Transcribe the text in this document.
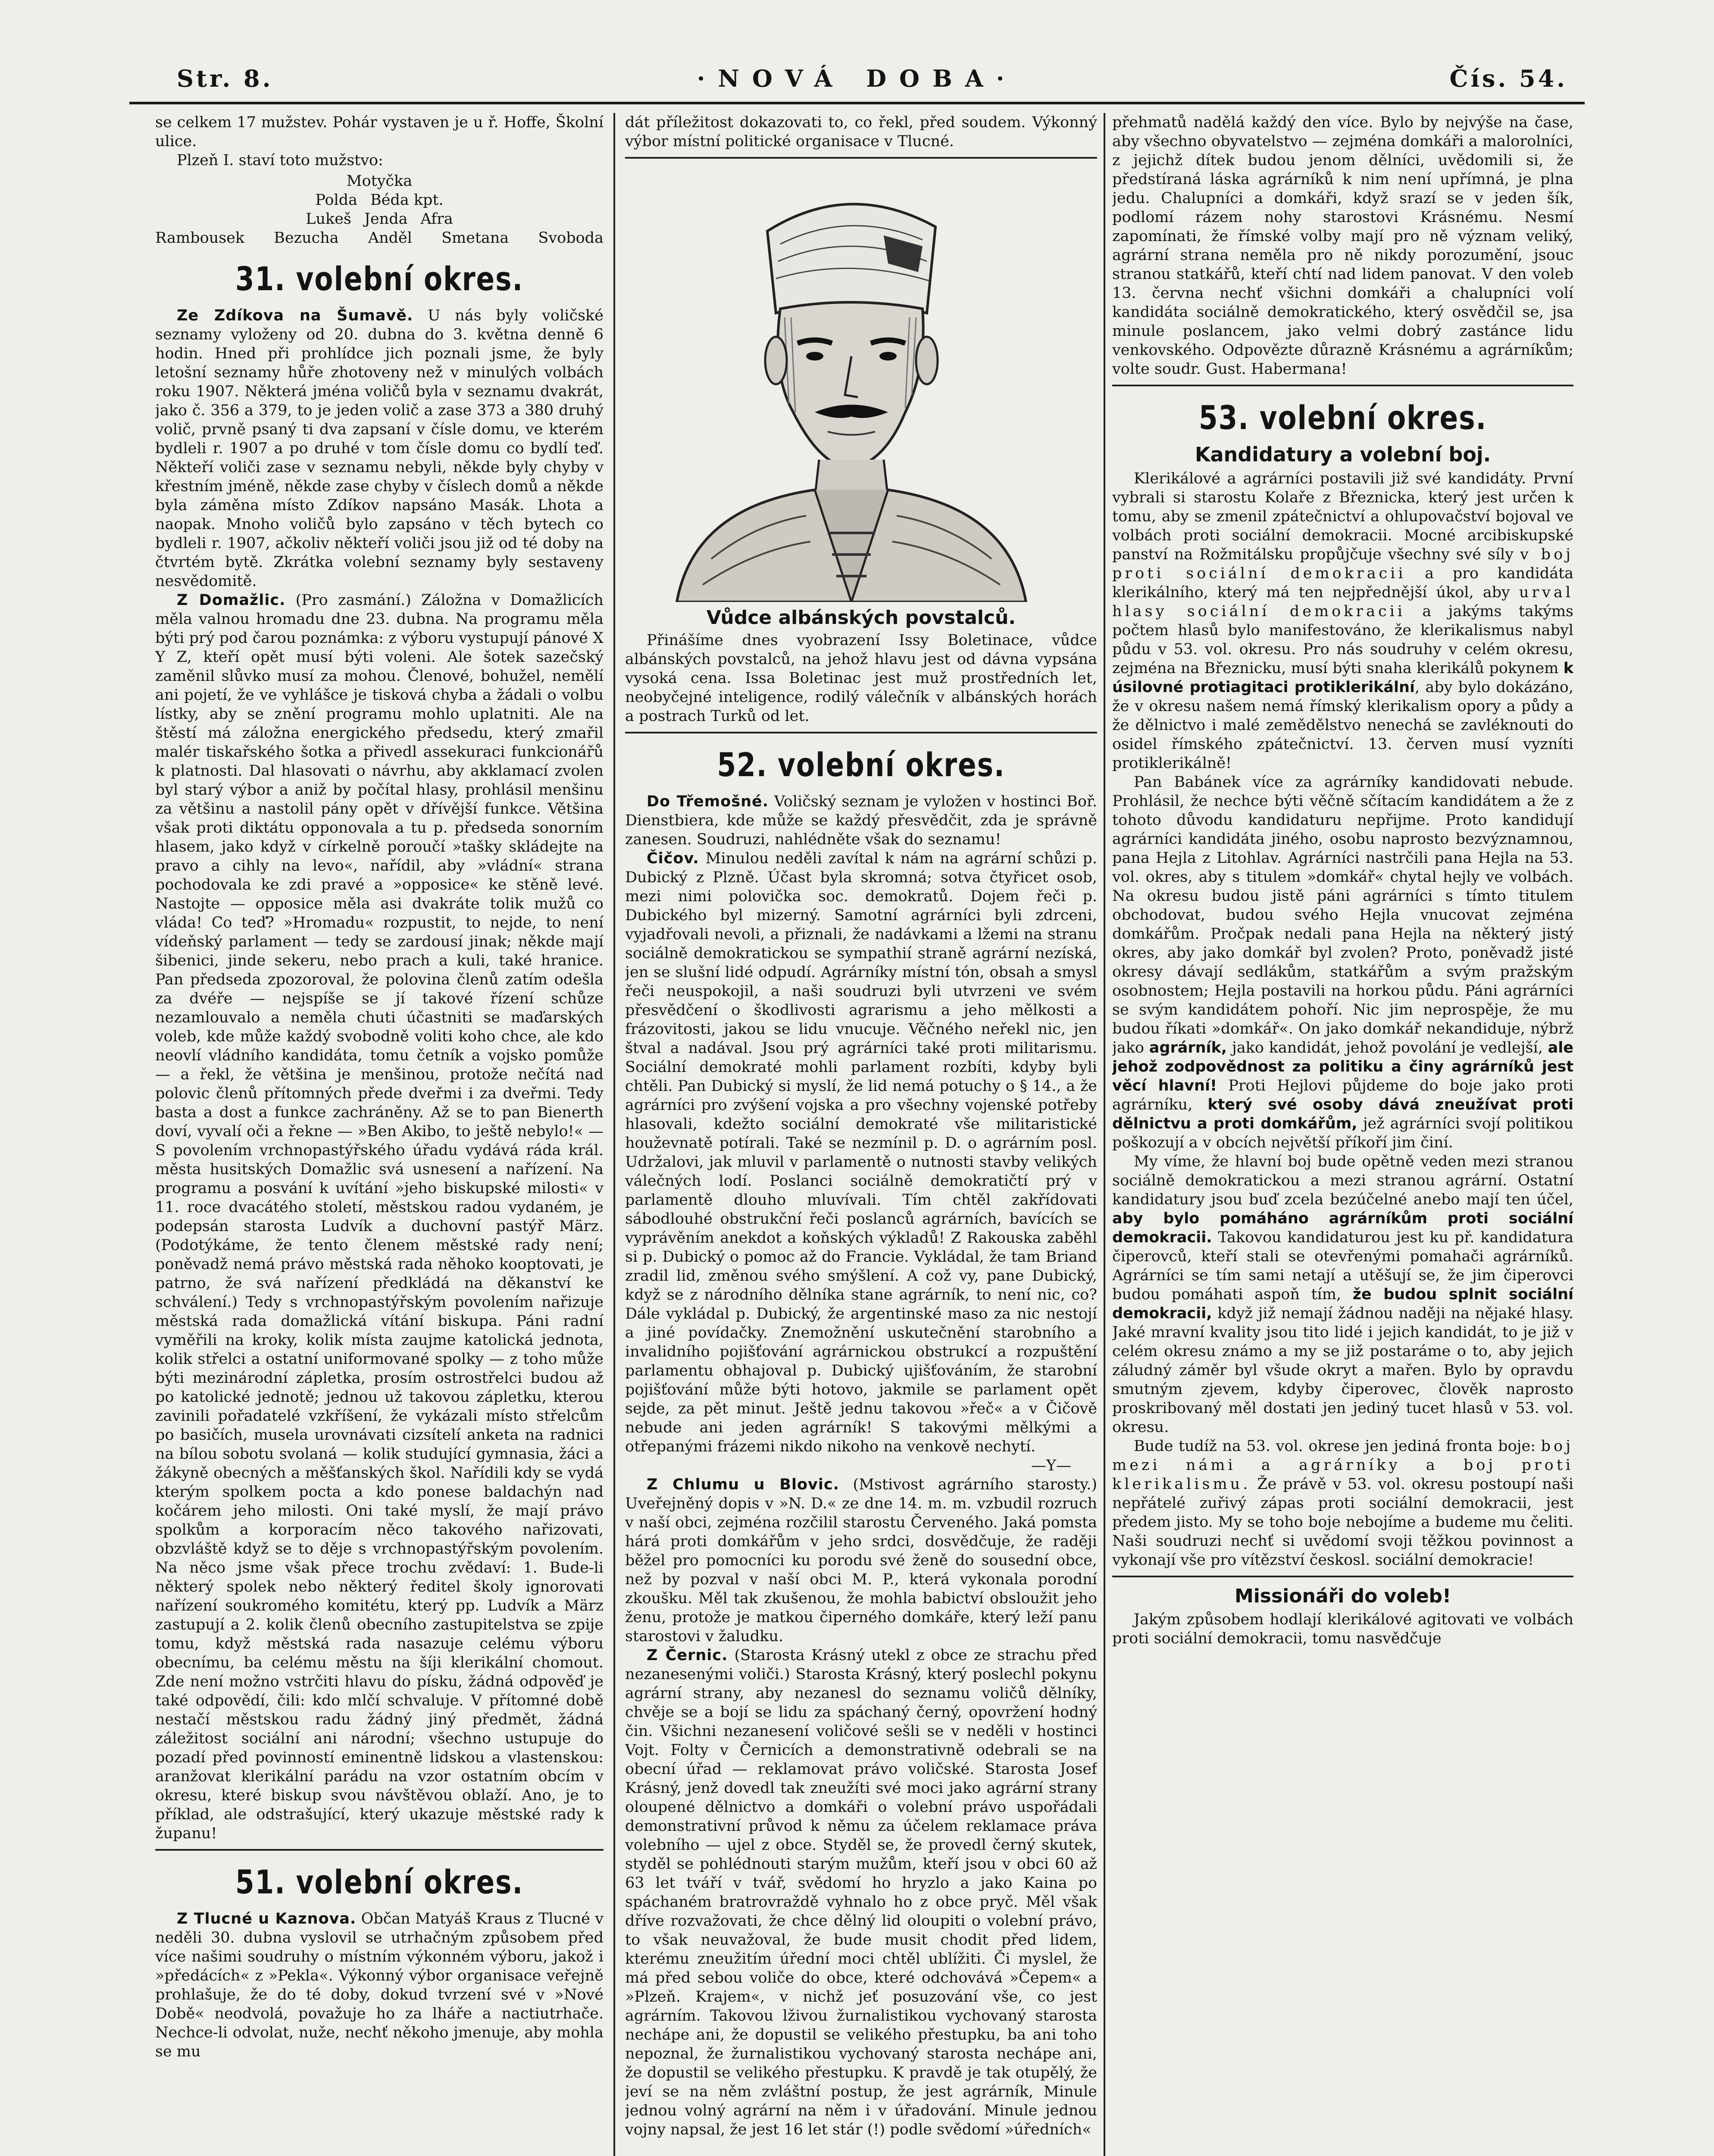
Str. 8.	·NOVÁ DOBA·	Čís. 54.

se celkem 17 mužstev. Pohár vystaven je u ř. Hoffe, Školní ulice.

Plzeň I. staví toto mužstvo:

Motyčka
Polda Béda kpt.
Lukeš Jenda Afra
Rambousek Bezucha Anděl Smetana Svoboda
31. volební okres.

Ze Zdíkova na Šumavě. U nás byly voličské seznamy vyloženy od 20. dubna do 3. května denně 6 hodin. Hned při prohlídce jich poznali jsme, že byly letošní seznamy hůře zhotoveny než v minulých volbách roku 1907. Některá jména voličů byla v seznamu dvakrát, jako č. 356 a 379, to je jeden volič a zase 373 a 380 druhý volič, prvně psaný ti dva zapsaní v čísle domu, ve kterém bydleli r. 1907 a po druhé v tom čísle domu co bydlí teď. Někteří voliči zase v seznamu nebyli, někde byly chyby v křestním jméně, někde zase chyby v číslech domů a někde byla záměna místo Zdíkov napsáno Masák. Lhota a naopak. Mnoho voličů bylo zapsáno v těch bytech co bydleli r. 1907, ačkoliv někteří voliči jsou již od té doby na čtvrtém bytě. Zkrátka volební seznamy byly sestaveny nesvědomitě.

Z Domažlic. (Pro zasmání.) Záložna v Domažlicích měla valnou hromadu dne 23. dubna. Na programu měla býti prý pod čarou poznámka: z výboru vystupují pánové X Y Z, kteří opět musí býti voleni. Ale šotek sazečský zaměnil slůvko musí za mohou. Členové, bohužel, nemělí ani pojetí, že ve vyhlášce je tisková chyba a žádali o volbu lístky, aby se znění programu mohlo uplatniti. Ale na štěstí má záložna energického předsedu, který zmařil malér tiskařského šotka a přivedl assekuraci funkcionářů k platnosti. Dal hlasovati o návrhu, aby akklamací zvolen byl starý výbor a aniž by počítal hlasy, prohlásil menšinu za většinu a nastolil pány opět v dřívější funkce. Většina však proti diktátu opponovala a tu p. předseda sonorním hlasem, jako když v církelně poroučí »tašky skládejte na pravo a cihly na levo«, nařídil, aby »vládní« strana pochodovala ke zdi pravé a »opposice« ke stěně levé. Nastojte — opposice měla asi dvakráte tolik mužů co vláda! Co teď? »Hromadu« rozpustit, to nejde, to není vídeňský parlament — tedy se zardousí jinak; někde mají šibenici, jinde sekeru, nebo prach a kuli, také hranice. Pan předseda zpozoroval, že polovina členů zatím odešla za dvéře — nejspíše se jí takové řízení schůze nezamlouvalo a neměla chuti účastniti se maďarských voleb, kde může každý svobodně voliti koho chce, ale kdo neovlí vládního kandidáta, tomu četník a vojsko pomůže — a řekl, že většina je menšinou, protože nečítá nad polovic členů přítomných přede dveřmi i za dveřmi. Tedy basta a dost a funkce zachráněny. Až se to pan Bienerth doví, vyvalí oči a řekne — »Ben Akibo, to ještě nebylo!« — S povolením vrchnopastýřského úřadu vydává ráda král. města husitských Domažlic svá usnesení a nařízení. Na programu a posvání k uvítání »jeho biskupské milosti« v 11. roce dvacátého století, městskou radou vydaném, je podepsán starosta Ludvík a duchovní pastýř März. (Podotýkáme, že tento členem městské rady není; poněvadž nemá právo městská rada něhoko kooptovati, je patrno, že svá nařízení předkládá na děkanství ke schválení.) Tedy s vrchnopastýřským povolením nařizuje městská rada domažlická vítání biskupa. Páni radní vyměřili na kroky, kolik místa zaujme katolická jednota, kolik střelci a ostatní uniformované spolky — z toho může býti mezinárodní zápletka, prosím ostrostřelci budou až po katolické jednotě; jednou už takovou zápletku, kterou zavinili pořadatelé vzkříšení, že vykázali místo střelcům po basičích, musela urovnávati cizsítelí anketa na radnici na bílou sobotu svolaná — kolik studující gymnasia, žáci a žákyně obecných a měšťanských škol. Nařídili kdy se vydá kterým spolkem pocta a kdo ponese baldachýn nad kočárem jeho milosti. Oni také myslí, že mají právo spolkům a korporacím něco takového nařizovati, obzvláště když se to děje s vrchnopastýřským povolením. Na něco jsme však přece trochu zvědaví: 1. Bude-li některý spolek nebo některý ředitel školy ignorovati nařízení soukromého komitétu, který pp. Ludvík a März zastupují a 2. kolik členů obecního zastupitelstva se zpije tomu, když městská rada nasazuje celému výboru obecnímu, ba celému městu na šíji klerikální chomout. Zde není možno vstrčiti hlavu do písku, žádná odpověď je také odpovědí, čili: kdo mlčí schvaluje. V přítomné době nestačí městskou radu žádný jiný předmět, žádná záležitost sociální ani národní; všechno ustupuje do pozadí před povinností eminentně lidskou a vlastenskou: aranžovat klerikální parádu na vzor ostatním obcím v okresu, které biskup svou návštěvou oblaží. Ano, je to příklad, ale odstrašující, který ukazuje městské rady k županu!

51. volební okres.

Z Tlucné u Kaznova. Občan Matyáš Kraus z Tlucné v neděli 30. dubna vyslovil se utrhačným způsobem před více našimi soudruhy o místním výkonném výboru, jakož i »předácích« z »Pekla«. Výkonný výbor organisace veřejně prohlašuje, že do té doby, dokud tvrzení své v »Nové Době« neodvolá, považuje ho za lháře a nactiutrhače. Nechce-li odvolat, nuže, nechť někoho jmenuje, aby mohla se mu

dát příležitost dokazovati to, co řekl, před soudem. Výkonný výbor místní politické organisace v Tlucné.

Vůdce albánských povstalců.

Přinášíme dnes vyobrazení Issy Boletinace, vůdce albánských povstalců, na jehož hlavu jest od dávna vypsána vysoká cena. Issa Boletinac jest muž prostředních let, neobyčejné inteligence, rodilý válečník v albánských horách a postrach Turků od let.

52. volební okres.

Do Třemošné. Voličský seznam je vyložen v hostinci Boř. Dienstbiera, kde může se každý přesvědčit, zda je správně zanesen. Soudruzi, nahlédněte však do seznamu!

Čičov. Minulou neděli zavítal k nám na agrární schůzi p. Dubický z Plzně. Účast byla skromná; sotva čtyřicet osob, mezi nimi polovička soc. demokratů. Dojem řeči p. Dubického byl mizerný. Samotní agrárníci byli zdrceni, vyjadřovali nevoli, a přiznali, že nadávkami a lžemi na stranu sociálně demokratickou se sympathií straně agrární nezíská, jen se slušní lidé odpudí. Agrárníky místní tón, obsah a smysl řeči neuspokojil, a naši soudruzi byli utvrzeni ve svém přesvědčení o škodlivosti agrarismu a jeho mělkosti a frázovitosti, jakou se lidu vnucuje. Věčného neřekl nic, jen štval a nadával. Jsou prý agrárníci také proti militarismu. Sociální demokraté mohli parlament rozbíti, kdyby byli chtěli. Pan Dubický si myslí, že lid nemá potuchy o § 14., a že agrárníci pro zvýšení vojska a pro všechny vojenské potřeby hlasovali, kdežto sociální demokraté vše militaristické houževnatě potírali. Také se nezmínil p. D. o agrárním posl. Udržalovi, jak mluvil v parlamentě o nutnosti stavby velikých válečných lodí. Poslanci sociálně demokratičtí prý v parlamentě dlouho mluvívali. Tím chtěl zakřídovati sábodlouhé obstrukční řeči poslanců agrárních, bavících se vyprávěním anekdot a koňských výkladů! Z Rakouska zaběhl si p. Dubický o pomoc až do Francie. Vykládal, že tam Briand zradil lid, změnou svého smýšlení. A což vy, pane Dubický, když se z národního dělníka stane agrárník, to není nic, co? Dále vykládal p. Dubický, že argentinské maso za nic nestojí a jiné povídačky. Znemožnění uskutečnění starobního a invalidního pojišťování agrárnickou obstrukcí a rozpuštění parlamentu obhajoval p. Dubický ujišťováním, že starobní pojišťování může býti hotovo, jakmile se parlament opět sejde, za pět minut. Ještě jednu takovou »řeč« a v Čičově nebude ani jeden agrárník! S takovými mělkými a otřepanými frázemi nikdo nikoho na venkově nechytí.

—Y—

Z Chlumu u Blovic. (Mstivost agrárního starosty.) Uveřejněný dopis v »N. D.« ze dne 14. m. m. vzbudil rozruch v naší obci, zejména rozčilil starostu Červeného. Jaká pomsta hárá proti domkářům v jeho srdci, dosvědčuje, že raději běžel pro pomocníci ku porodu své ženě do sousední obce, než by pozval v naší obci M. P., která vykonala porodní zkoušku. Měl tak zkušenou, že mohla babictví obsloužit jeho ženu, protože je matkou čiperného domkáře, který leží panu starostovi v žaludku.

Z Černic. (Starosta Krásný utekl z obce ze strachu před nezanesenými voliči.) Starosta Krásný, který poslechl pokynu agrární strany, aby nezanesl do seznamu voličů dělníky, chvěje se a bojí se lidu za spáchaný černý, opovržení hodný čin. Všichni nezanesení voličové sešli se v neděli v hostinci Vojt. Folty v Černicích a demonstrativně odebrali se na obecní úřad — reklamovat právo voličské. Starosta Josef Krásný, jenž dovedl tak zneužíti své moci jako agrární strany oloupené dělnictvo a domkáři o volební právo uspořádali demonstrativní průvod k němu za účelem reklamace práva volebního — ujel z obce. Styděl se, že provedl černý skutek, styděl se pohlédnouti starým mužům, kteří jsou v obci 60 až 63 let tváří v tvář, svědomí ho hryzlo a jako Kaina po spáchaném bratrovraždě vyhnalo ho z obce pryč. Měl však dříve rozvažovati, že chce dělný lid oloupiti o volební právo, to však neuvažoval, že bude musit chodit před lidem, kterému zneužitím úřední moci chtěl ublížiti. Či myslel, že má před sebou voliče do obce, které odchovává »Čepem« a »Plzeň. Krajem«, v nichž jeť posuzování vše, co jest agrárním. Takovou lživou žurnalistikou vychovaný starosta nechápe ani, že dopustil se velikého přestupku, ba ani toho nepoznal, že žurnalistikou vychovaný starosta nechápe ani, že dopustil se velikého přestupku. K pravdě je tak otupělý, že jeví se na něm zvláštní postup, že jest agrárník, Minule jednou volný agrární na něm i v úřadování. Minule jednou vojny napsal, že jest 16 let stár (!) podle svědomí »úředních«

přehmatů nadělá každý den více. Bylo by nejvýše na čase, aby všechno obyvatelstvo — zejména domkáři a malorolníci, z jejichž dítek budou jenom dělníci, uvědomili si, že předstíraná láska agrárníků k nim není upřímná, je plna jedu. Chalupníci a domkáři, když srazí se v jeden šík, podlomí rázem nohy starostovi Krásnému. Nesmí zapomínati, že římské volby mají pro ně význam veliký, agrární strana neměla pro ně nikdy porozumění, jsouc stranou statkářů, kteří chtí nad lidem panovat. V den voleb 13. června nechť všichni domkáři a chalupníci volí kandidáta sociálně demokratického, který osvědčil se, jsa minule poslancem, jako velmi dobrý zastánce lidu venkovského. Odpovězte důrazně Krásnému a agrárníkům; volte soudr. Gust. Habermana!

53. volební okres.
Kandidatury a volební boj.

Klerikálové a agrárníci postavili již své kandidáty. První vybrali si starostu Kolaře z Březnicka, který jest určen k tomu, aby se zmenil zpátečnictví a ohlupovačství bojoval ve volbách proti sociální demokracii. Mocné arcibiskupské panství na Rožmitálsku propůjčuje všechny své síly v boj proti sociální demokracii a pro kandidáta klerikálního, který má ten nejpřednější úkol, aby urval hlasy sociální demokracii a jakýms takýms počtem hlasů bylo manifestováno, že klerikalismus nabyl půdu v 53. vol. okresu. Pro nás soudruhy v celém okresu, zejména na Březnicku, musí býti snaha klerikálů pokynem k úsilovné protiagitaci protiklerikální, aby bylo dokázáno, že v okresu našem nemá římský klerikalism opory a půdy a že dělnictvo i malé zemědělstvo nenechá se zavléknouti do osidel římského zpátečnictví. 13. červen musí vyzníti protiklerikálně!

Pan Babánek více za agrárníky kandidovati nebude. Prohlásil, že nechce býti věčně sčítacím kandidátem a že z tohoto důvodu kandidaturu nepřijme. Proto kandidují agrárníci kandidáta jiného, osobu naprosto bezvýznamnou, pana Hejla z Litohlav. Agrárníci nastrčili pana Hejla na 53. vol. okres, aby s titulem »domkář« chytal hejly ve volbách. Na okresu budou jistě páni agrárníci s tímto titulem obchodovat, budou svého Hejla vnucovat zejména domkářům. Pročpak nedali pana Hejla na některý jistý okres, aby jako domkář byl zvolen? Proto, poněvadž jisté okresy dávají sedlákům, statkářům a svým pražským osobnostem; Hejla postavili na horkou půdu. Páni agrárníci se svým kandidátem pohoří. Nic jim neprospěje, že mu budou říkati »domkář«. On jako domkář nekandiduje, nýbrž jako agrárník, jako kandidát, jehož povolání je vedlejší, ale jehož zodpovědnost za politiku a činy agrárníků jest věcí hlavní! Proti Hejlovi půjdeme do boje jako proti agrárníku, který své osoby dává zneužívat proti dělnictvu a proti domkářům, jež agrárníci svojí politikou poškozují a v obcích největší příkoří jim činí.

My víme, že hlavní boj bude opětně veden mezi stranou sociálně demokratickou a mezi stranou agrární. Ostatní kandidatury jsou buď zcela bezúčelné anebo mají ten účel, aby bylo pomáháno agrárníkům proti sociální demokracii. Takovou kandidaturou jest ku př. kandidatura čiperovců, kteří stali se otevřenými pomahači agrárníků. Agrárníci se tím sami netají a utěšují se, že jim čiperovci budou pomáhati aspoň tím, že budou splnit sociální demokracii, když již nemají žádnou naději na nějaké hlasy. Jaké mravní kvality jsou tito lidé i jejich kandidát, to je již v celém okresu známo a my se již postaráme o to, aby jejich záludný záměr byl všude okryt a mařen. Bylo by opravdu smutným zjevem, kdyby čiperovec, člověk naprosto proskribovaný měl dostati jen jediný tucet hlasů v 53. vol. okresu.

Bude tudíž na 53. vol. okrese jen jediná fronta boje: boj mezi námi a agrárníky a boj proti klerikalismu. Že právě v 53. vol. okresu postoupí naši nepřátelé zuřivý zápas proti sociální demokracii, jest předem jisto. My se toho boje nebojíme a budeme mu čeliti. Naši soudruzi nechť si uvědomí svoji těžkou povinnost a vykonají vše pro vítězství českosl. sociální demokracie!

Missionáři do voleb!

Jakým způsobem hodlají klerikálové agitovati ve volbách proti sociální demokracii, tomu nasvědčuje
